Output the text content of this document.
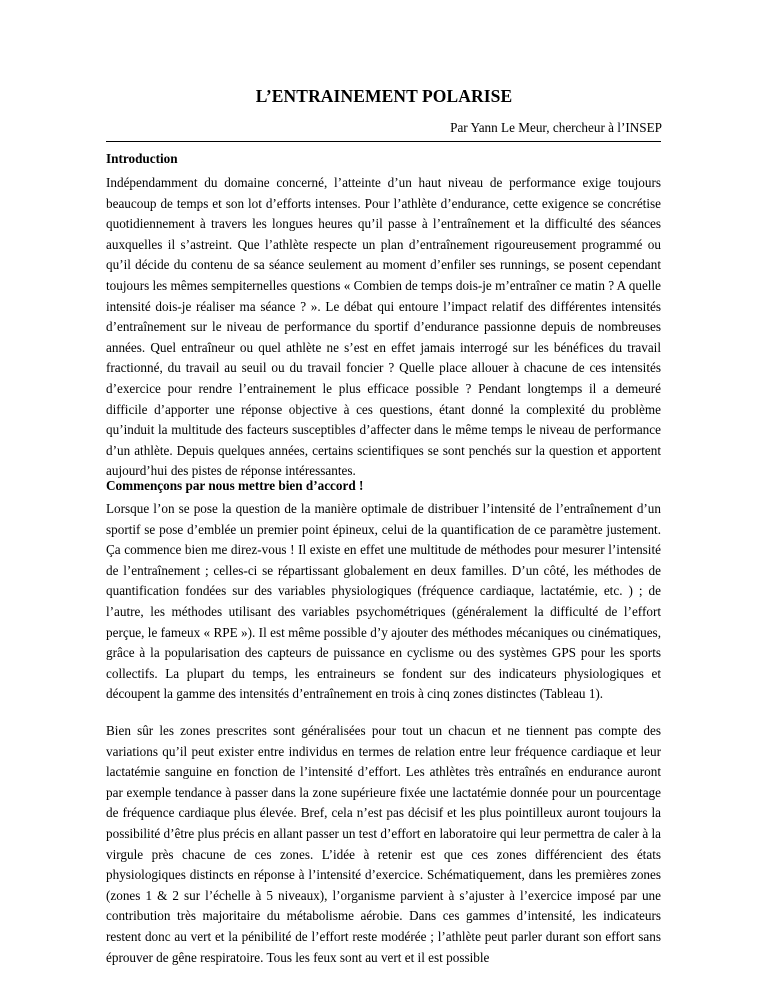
L’ENTRAINEMENT POLARISE

Par Yann Le Meur, chercheur à l’INSEP

Introduction

Indépendamment du domaine concerné, l’atteinte d’un haut niveau de performance exige toujours beaucoup de temps et son lot d’efforts intenses. Pour l’athlète d’endurance, cette exigence se concrétise quotidiennement à travers les longues heures qu’il passe à l’entraînement et la difficulté des séances auxquelles il s’astreint. Que l’athlète respecte un plan d’entraînement rigoureusement programmé ou qu’il décide du contenu de sa séance seulement au moment d’enfiler ses runnings, se posent cependant toujours les mêmes sempiternelles questions « Combien de temps dois-je m’entraîner ce matin ? A quelle intensité dois-je réaliser ma séance ? ». Le débat qui entoure l’impact relatif des différentes intensités d’entraînement sur le niveau de performance du sportif d’endurance passionne depuis de nombreuses années. Quel entraîneur ou quel athlète ne s’est en effet jamais interrogé sur les bénéfices du travail fractionné, du travail au seuil ou du travail foncier ? Quelle place allouer à chacune de ces intensités d’exercice pour rendre l’entrainement le plus efficace possible ? Pendant longtemps il a demeuré difficile d’apporter une réponse objective à ces questions, étant donné la complexité du problème qu’induit la multitude des facteurs susceptibles d’affecter dans le même temps le niveau de performance d’un athlète. Depuis quelques années, certains scientifiques se sont penchés sur la question et apportent aujourd’hui des pistes de réponse intéressantes.

Commençons par nous mettre bien d’accord !

Lorsque l’on se pose la question de la manière optimale de distribuer l’intensité de l’entraînement d’un sportif se pose d’emblée un premier point épineux, celui de la quantification de ce paramètre justement. Ça commence bien me direz-vous ! Il existe en effet une multitude de méthodes pour mesurer l’intensité de l’entraînement ; celles-ci se répartissant globalement en deux familles. D’un côté, les méthodes de quantification fondées sur des variables physiologiques (fréquence cardiaque, lactatémie, etc. ) ; de l’autre, les méthodes utilisant des variables psychométriques (généralement la difficulté de l’effort perçue, le fameux « RPE »). Il est même possible d’y ajouter des méthodes mécaniques ou cinématiques, grâce à la popularisation des capteurs de puissance en cyclisme ou des systèmes GPS pour les sports collectifs. La plupart du temps, les entraineurs se fondent sur des indicateurs physiologiques et découpent la gamme des intensités d’entraînement en trois à cinq zones distinctes (Tableau 1).

Bien sûr les zones prescrites sont généralisées pour tout un chacun et ne tiennent pas compte des variations qu’il peut exister entre individus en termes de relation entre leur fréquence cardiaque et leur lactatémie sanguine en fonction de l’intensité d’effort. Les athlètes très entraînés en endurance auront par exemple tendance à passer dans la zone supérieure fixée une lactatémie donnée pour un pourcentage de fréquence cardiaque plus élevée. Bref, cela n’est pas décisif et les plus pointilleux auront toujours la possibilité d’être plus précis en allant passer un test d’effort en laboratoire qui leur permettra de caler à la virgule près chacune de ces zones. L’idée à retenir est que ces zones différencient des états physiologiques distincts en réponse à l’intensité d’exercice. Schématiquement, dans les premières zones (zones 1 & 2 sur l’échelle à 5 niveaux), l’organisme parvient à s’ajuster à l’exercice imposé par une contribution très majoritaire du métabolisme aérobie. Dans ces gammes d’intensité, les indicateurs restent donc au vert et la pénibilité de l’effort reste modérée ; l’athlète peut parler durant son effort sans éprouver de gêne respiratoire. Tous les feux sont au vert et il est possible
